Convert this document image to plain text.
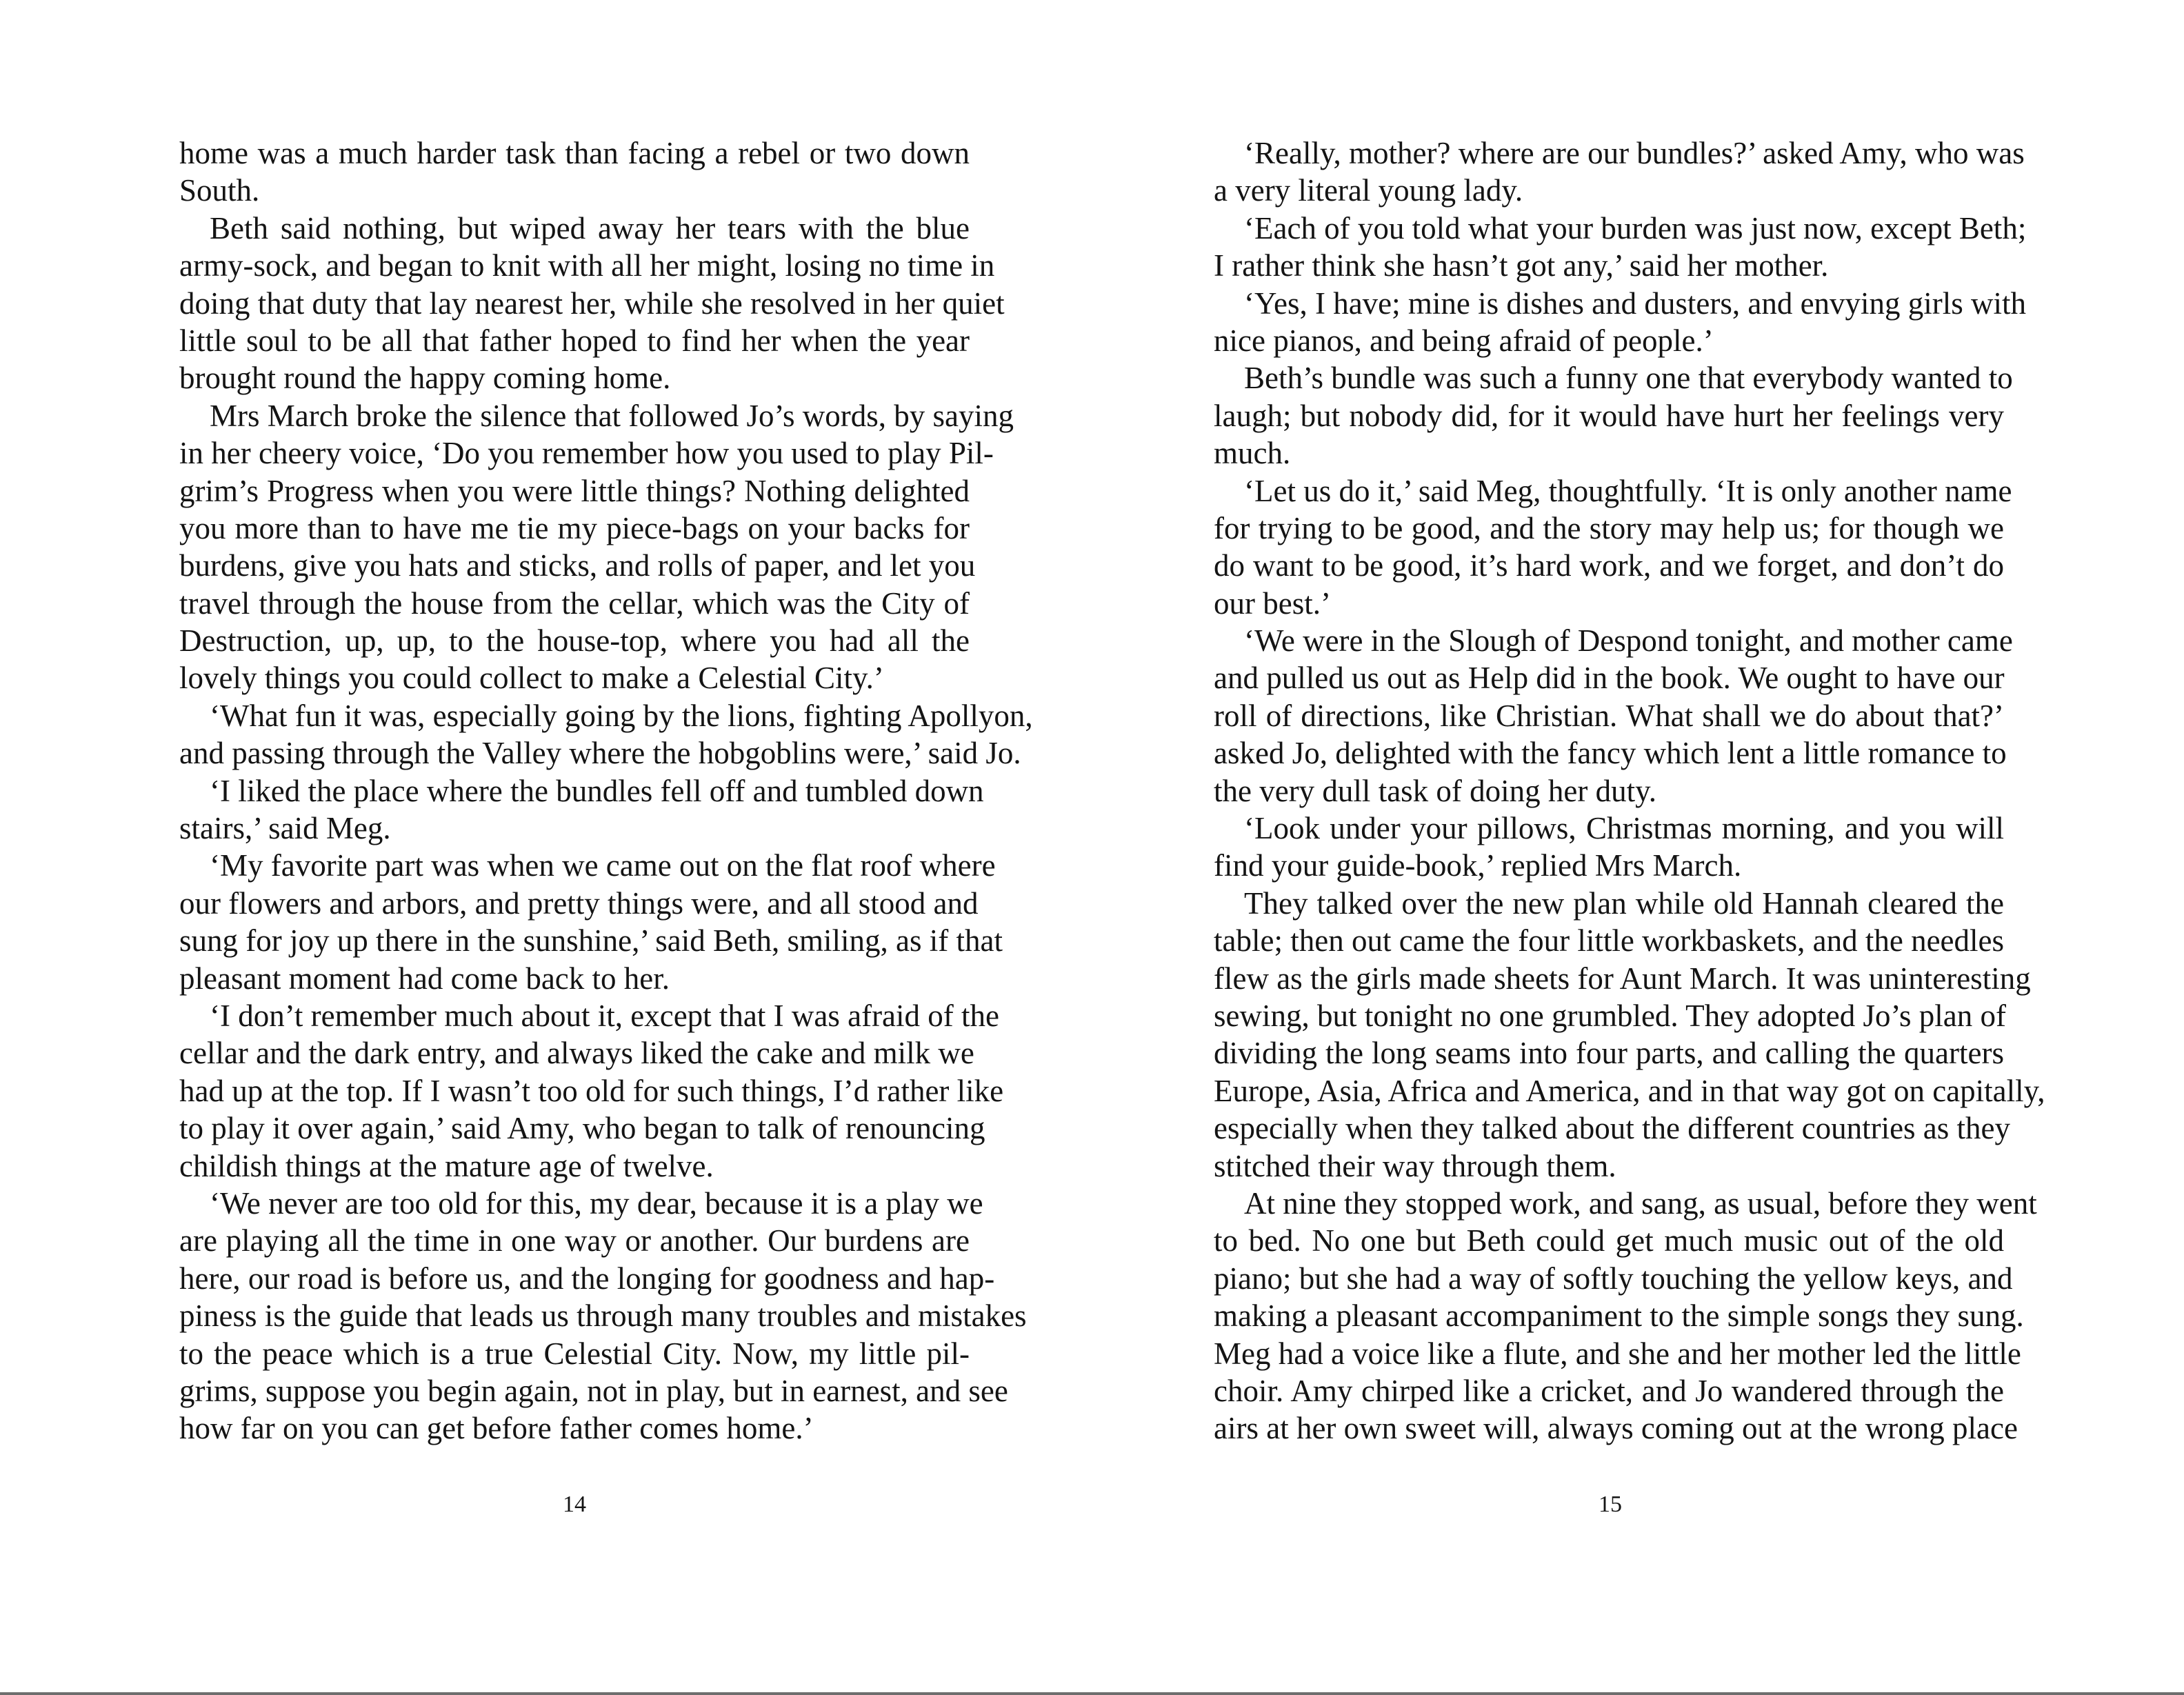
home was a much harder task than facing a rebel or two down
South.
Beth said nothing, but wiped away her tears with the blue
army-sock, and began to knit with all her might, losing no time in
doing that duty that lay nearest her, while she resolved in her quiet
little soul to be all that father hoped to find her when the year
brought round the happy coming home.
Mrs March broke the silence that followed Jo’s words, by saying
in her cheery voice, ‘Do you remember how you used to play Pil-
grim’s Progress when you were little things? Nothing delighted
you more than to have me tie my piece-bags on your backs for
burdens, give you hats and sticks, and rolls of paper, and let you
travel through the house from the cellar, which was the City of
Destruction, up, up, to the house-top, where you had all the
lovely things you could collect to make a Celestial City.’
‘What fun it was, especially going by the lions, fighting Apollyon,
and passing through the Valley where the hobgoblins were,’ said Jo.
‘I liked the place where the bundles fell off and tumbled down
stairs,’ said Meg.
‘My favorite part was when we came out on the flat roof where
our flowers and arbors, and pretty things were, and all stood and
sung for joy up there in the sunshine,’ said Beth, smiling, as if that
pleasant moment had come back to her.
‘I don’t remember much about it, except that I was afraid of the
cellar and the dark entry, and always liked the cake and milk we
had up at the top. If I wasn’t too old for such things, I’d rather like
to play it over again,’ said Amy, who began to talk of renouncing
childish things at the mature age of twelve.
‘We never are too old for this, my dear, because it is a play we
are playing all the time in one way or another. Our burdens are
here, our road is before us, and the longing for goodness and hap-
piness is the guide that leads us through many troubles and mistakes
to the peace which is a true Celestial City. Now, my little pil-
grims, suppose you begin again, not in play, but in earnest, and see
how far on you can get before father comes home.’
14
‘Really, mother? where are our bundles?’ asked Amy, who was
a very literal young lady.
‘Each of you told what your burden was just now, except Beth;
I rather think she hasn’t got any,’ said her mother.
‘Yes, I have; mine is dishes and dusters, and envying girls with
nice pianos, and being afraid of people.’
Beth’s bundle was such a funny one that everybody wanted to
laugh; but nobody did, for it would have hurt her feelings very
much.
‘Let us do it,’ said Meg, thoughtfully. ‘It is only another name
for trying to be good, and the story may help us; for though we
do want to be good, it’s hard work, and we forget, and don’t do
our best.’
‘We were in the Slough of Despond tonight, and mother came
and pulled us out as Help did in the book. We ought to have our
roll of directions, like Christian. What shall we do about that?’
asked Jo, delighted with the fancy which lent a little romance to
the very dull task of doing her duty.
‘Look under your pillows, Christmas morning, and you will
find your guide-book,’ replied Mrs March.
They talked over the new plan while old Hannah cleared the
table; then out came the four little workbaskets, and the needles
flew as the girls made sheets for Aunt March. It was uninteresting
sewing, but tonight no one grumbled. They adopted Jo’s plan of
dividing the long seams into four parts, and calling the quarters
Europe, Asia, Africa and America, and in that way got on capitally,
especially when they talked about the different countries as they
stitched their way through them.
At nine they stopped work, and sang, as usual, before they went
to bed. No one but Beth could get much music out of the old
piano; but she had a way of softly touching the yellow keys, and
making a pleasant accompaniment to the simple songs they sung.
Meg had a voice like a flute, and she and her mother led the little
choir. Amy chirped like a cricket, and Jo wandered through the
airs at her own sweet will, always coming out at the wrong place
15
